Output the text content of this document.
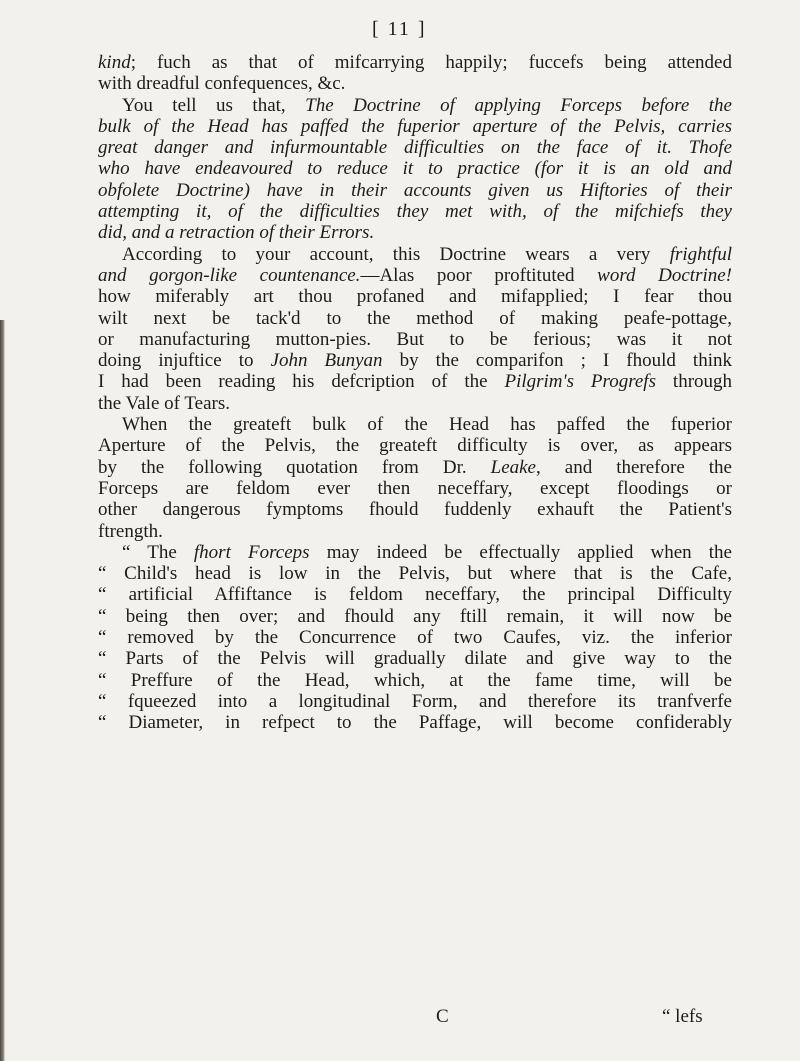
[ 11 ]
kind; fuch as that of mifcarrying happily; fuccefs being attended
with dreadful confequences, &c.
You tell us that, The Doctrine of applying Forceps before the
bulk of the Head has paffed the fuperior aperture of the Pelvis, carries
great danger and infurmountable difficulties on the face of it. Thofe
who have endeavoured to reduce it to practice (for it is an old and
obfolete Doctrine) have in their accounts given us Hiftories of their
attempting it, of the difficulties they met with, of the mifchiefs they
did, and a retraction of their Errors.
According to your account, this Doctrine wears a very frightful
and gorgon-like countenance.—Alas poor proftituted word Doctrine!
how miferably art thou profaned and mifapplied; I fear thou
wilt next be tack'd to the method of making peafe-pottage,
or manufacturing mutton-pies. But to be ferious; was it not
doing injuftice to John Bunyan by the comparifon ; I fhould think
I had been reading his defcription of the Pilgrim's Progrefs through
the Vale of Tears.
When the greateft bulk of the Head has paffed the fuperior
Aperture of the Pelvis, the greateft difficulty is over, as appears
by the following quotation from Dr. Leake, and therefore the
Forceps are feldom ever then neceffary, except floodings or
other dangerous fymptoms fhould fuddenly exhauft the Patient's
ftrength.
“ The fhort Forceps may indeed be effectually applied when the
“ Child's head is low in the Pelvis, but where that is the Cafe,
“ artificial Affiftance is feldom neceffary, the principal Difficulty
“ being then over; and fhould any ftill remain, it will now be
“ removed by the Concurrence of two Caufes, viz. the inferior
“ Parts of the Pelvis will gradually dilate and give way to the
“ Preffure of the Head, which, at the fame time, will be
“ fqueezed into a longitudinal Form, and therefore its tranfverfe
“ Diameter, in refpect to the Paffage, will become confiderably
C	“ lefs
